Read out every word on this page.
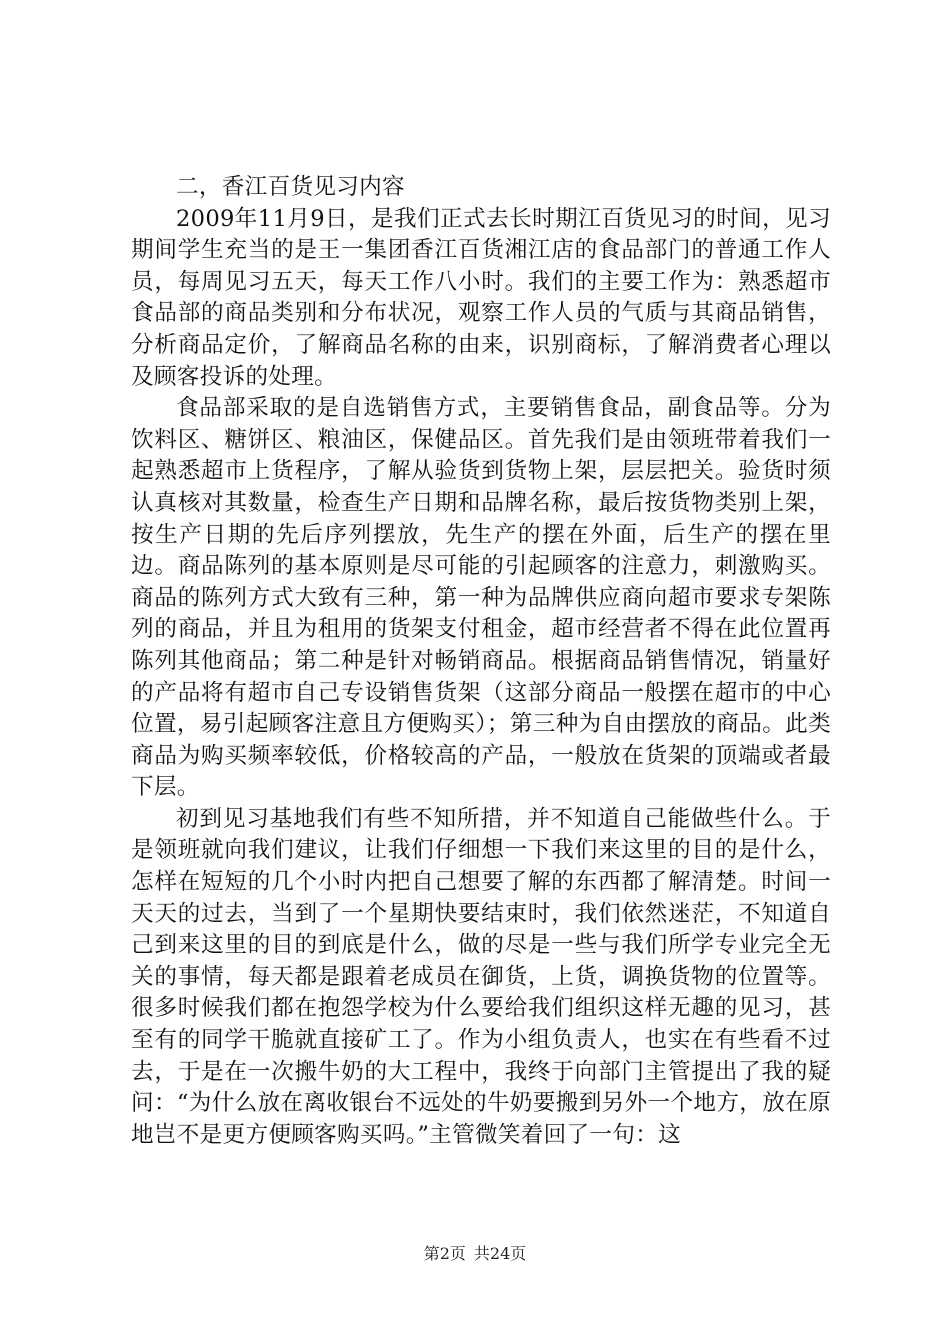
二，香江百货见习内容

2009年11月9日，是我们正式去长时期江百货见习的时间，见习期间学生充当的是王一集团香江百货湘江店的食品部门的普通工作人员，每周见习五天，每天工作八小时。我们的主要工作为：熟悉超市食品部的商品类别和分布状况，观察工作人员的气质与其商品销售，分析商品定价，了解商品名称的由来，识别商标，了解消费者心理以及顾客投诉的处理。

食品部采取的是自选销售方式，主要销售食品，副食品等。分为饮料区、糖饼区、粮油区，保健品区。首先我们是由领班带着我们一起熟悉超市上货程序，了解从验货到货物上架，层层把关。验货时须认真核对其数量，检查生产日期和品牌名称，最后按货物类别上架，按生产日期的先后序列摆放，先生产的摆在外面，后生产的摆在里边。商品陈列的基本原则是尽可能的引起顾客的注意力，刺激购买。商品的陈列方式大致有三种，第一种为品牌供应商向超市要求专架陈列的商品，并且为租用的货架支付租金，超市经营者不得在此位置再陈列其他商品；第二种是针对畅销商品。根据商品销售情况，销量好的产品将有超市自己专设销售货架（这部分商品一般摆在超市的中心位置，易引起顾客注意且方便购买）；第三种为自由摆放的商品。此类商品为购买频率较低，价格较高的产品，一般放在货架的顶端或者最下层。

初到见习基地我们有些不知所措，并不知道自己能做些什么。于是领班就向我们建议，让我们仔细想一下我们来这里的目的是什么，怎样在短短的几个小时内把自己想要了解的东西都了解清楚。时间一天天的过去，当到了一个星期快要结束时，我们依然迷茫，不知道自己到来这里的目的到底是什么，做的尽是一些与我们所学专业完全无关的事情，每天都是跟着老成员在御货，上货，调换货物的位置等。很多时候我们都在抱怨学校为什么要给我们组织这样无趣的见习，甚至有的同学干脆就直接矿工了。作为小组负责人，也实在有些看不过去，于是在一次搬牛奶的大工程中，我终于向部门主管提出了我的疑问：“为什么放在离收银台不远处的牛奶要搬到另外一个地方，放在原地岂不是更方便顾客购买吗。”主管微笑着回了一句：这

第2页 共24页
